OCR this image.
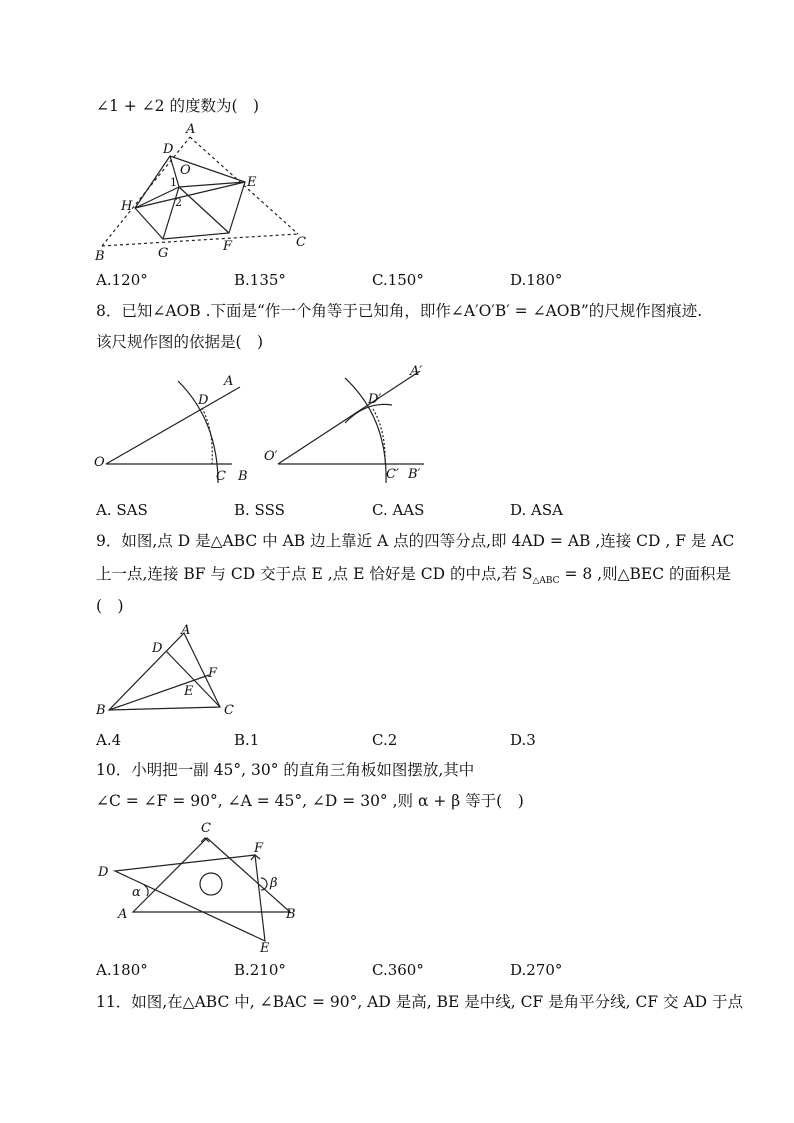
∠1 + ∠2 的度数为(　)
A
D
O
E
1
2
H
B	G	F	C
A.120°	B.135°	C.150°	D.180°
8．已知∠AOB .下面是“作一个角等于已知角，即作∠A′O′B′ = ∠AOB”的尺规作图痕迹.
该尺规作图的依据是(　)
A
D
O
C B
A′
D′
O′
C′ B′
A. SAS	B. SSS	C. AAS	D. ASA
9．如图,点 D 是△ABC 中 AB 边上靠近 A 点的四等分点,即 4AD = AB ,连接 CD , F 是 AC
上一点,连接 BF 与 CD 交于点 E ,点 E 恰好是 CD 的中点,若 $S_{\triangle ABC} = 8$ ,则△BEC 的面积是
(　)
A
D
F
E
B	C
A.4	B.1	C.2	D.3
10．小明把一副 45°, 30° 的直角三角板如图摆放,其中
∠C = ∠F = 90°, ∠A = 45°, ∠D = 30° ,则 α + β 等于(　)
C
F
D
α
β
A	B
E
A.180°	B.210°	C.360°	D.270°
11．如图,在△ABC 中, ∠BAC = 90°, AD 是高, BE 是中线, CF 是角平分线, CF 交 AD 于点
